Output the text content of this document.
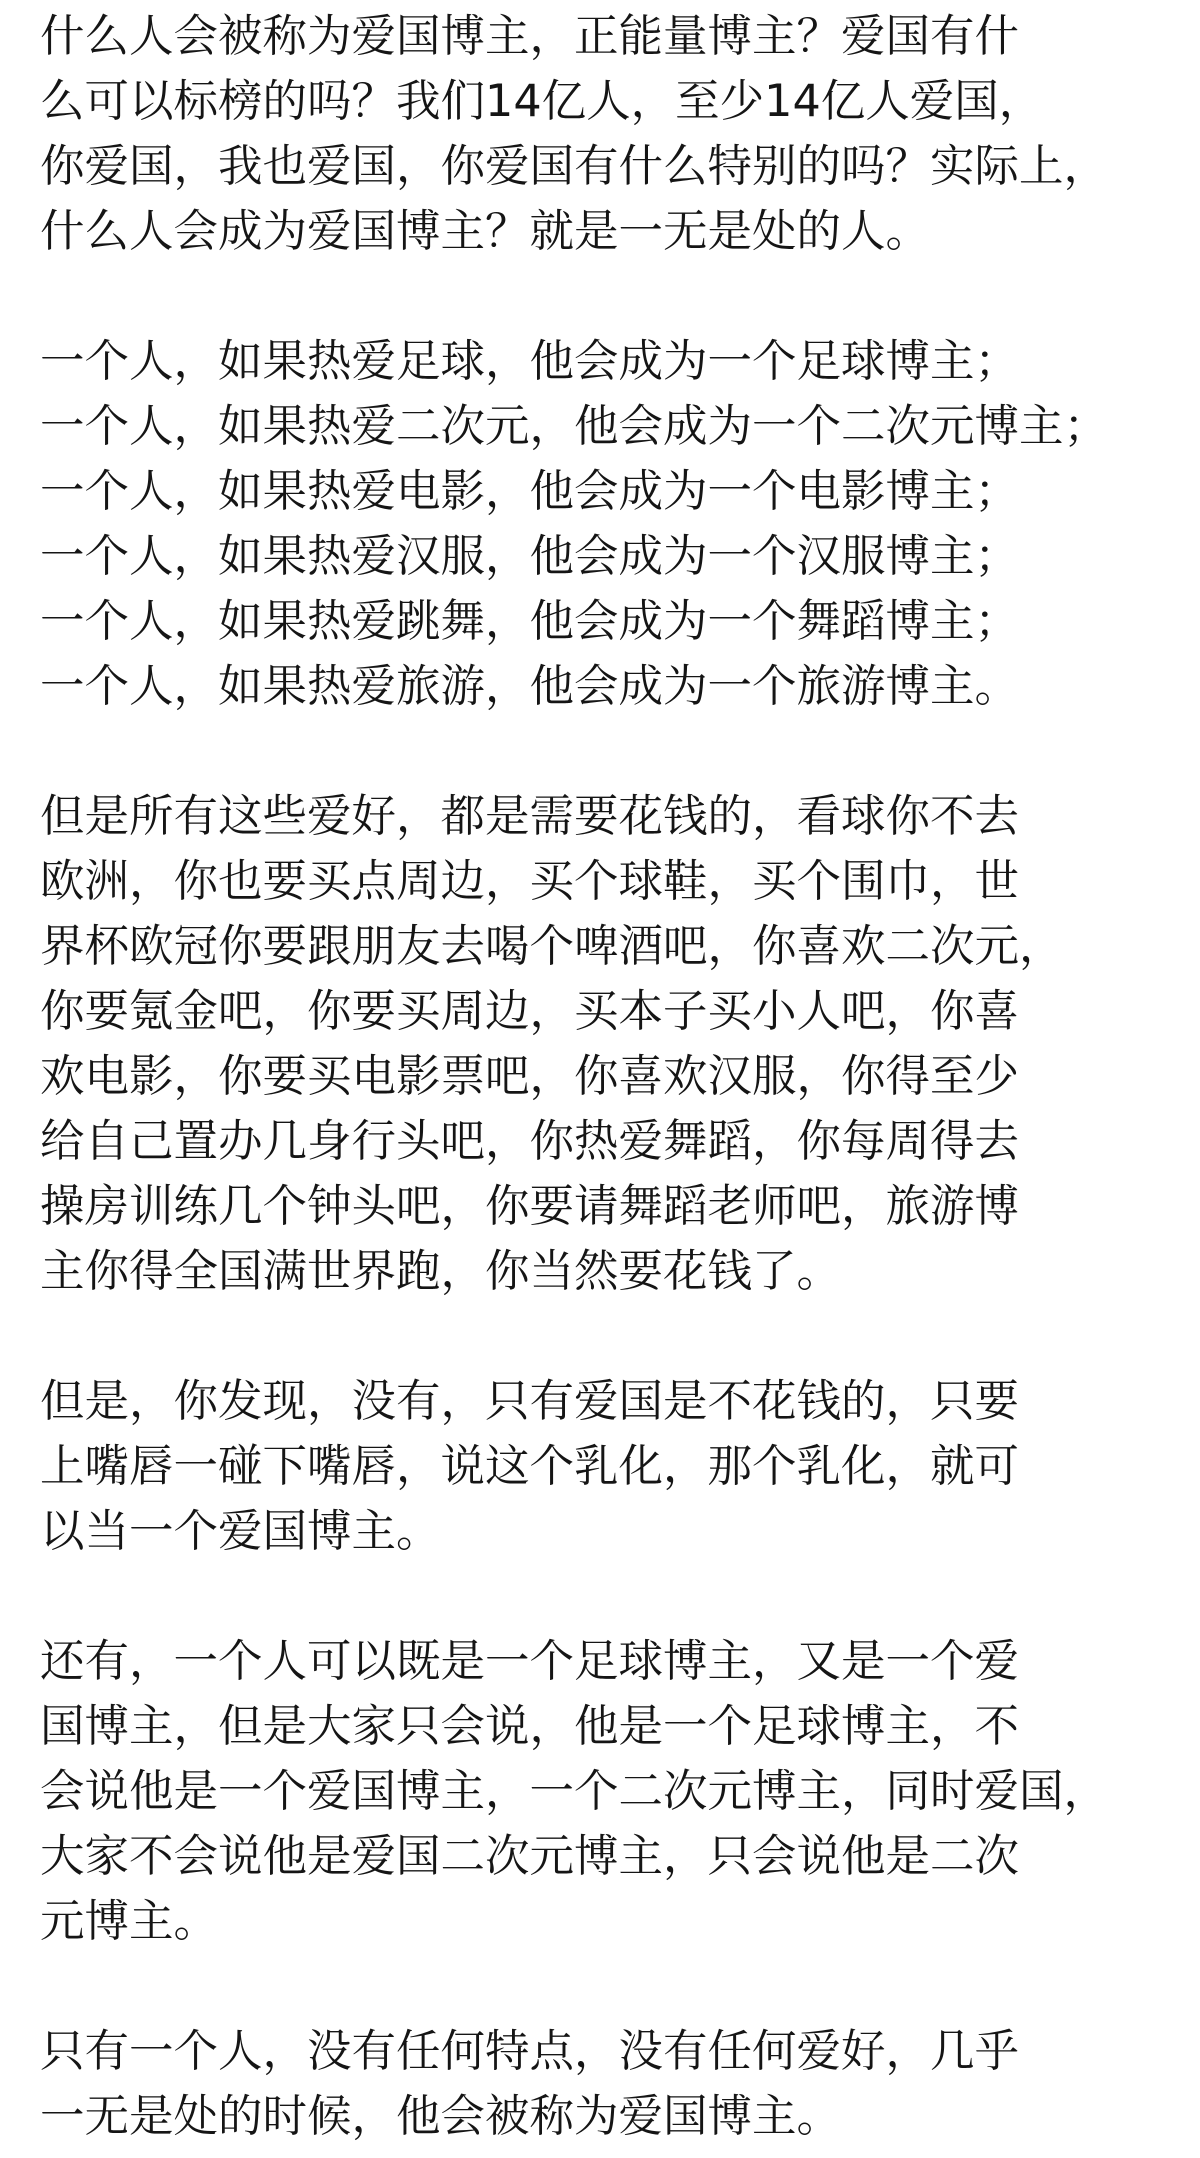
什么人会被称为爱国博主，正能量博主？爱国有什
么可以标榜的吗？我们14亿人，至少14亿人爱国，
你爱国，我也爱国，你爱国有什么特别的吗？实际上，
什么人会成为爱国博主？就是一无是处的人。
一个人，如果热爱足球，他会成为一个足球博主；
一个人，如果热爱二次元，他会成为一个二次元博主；
一个人，如果热爱电影，他会成为一个电影博主；
一个人，如果热爱汉服，他会成为一个汉服博主；
一个人，如果热爱跳舞，他会成为一个舞蹈博主；
一个人，如果热爱旅游，他会成为一个旅游博主。
但是所有这些爱好，都是需要花钱的，看球你不去
欧洲，你也要买点周边，买个球鞋，买个围巾，世
界杯欧冠你要跟朋友去喝个啤酒吧，你喜欢二次元，
你要氪金吧，你要买周边，买本子买小人吧，你喜
欢电影，你要买电影票吧，你喜欢汉服，你得至少
给自己置办几身行头吧，你热爱舞蹈，你每周得去
操房训练几个钟头吧，你要请舞蹈老师吧，旅游博
主你得全国满世界跑，你当然要花钱了。
但是，你发现，没有，只有爱国是不花钱的，只要
上嘴唇一碰下嘴唇，说这个乳化，那个乳化，就可
以当一个爱国博主。
还有，一个人可以既是一个足球博主，又是一个爱
国博主，但是大家只会说，他是一个足球博主，不
会说他是一个爱国博主，一个二次元博主，同时爱国，
大家不会说他是爱国二次元博主，只会说他是二次
元博主。
只有一个人，没有任何特点，没有任何爱好，几乎
一无是处的时候，他会被称为爱国博主。
